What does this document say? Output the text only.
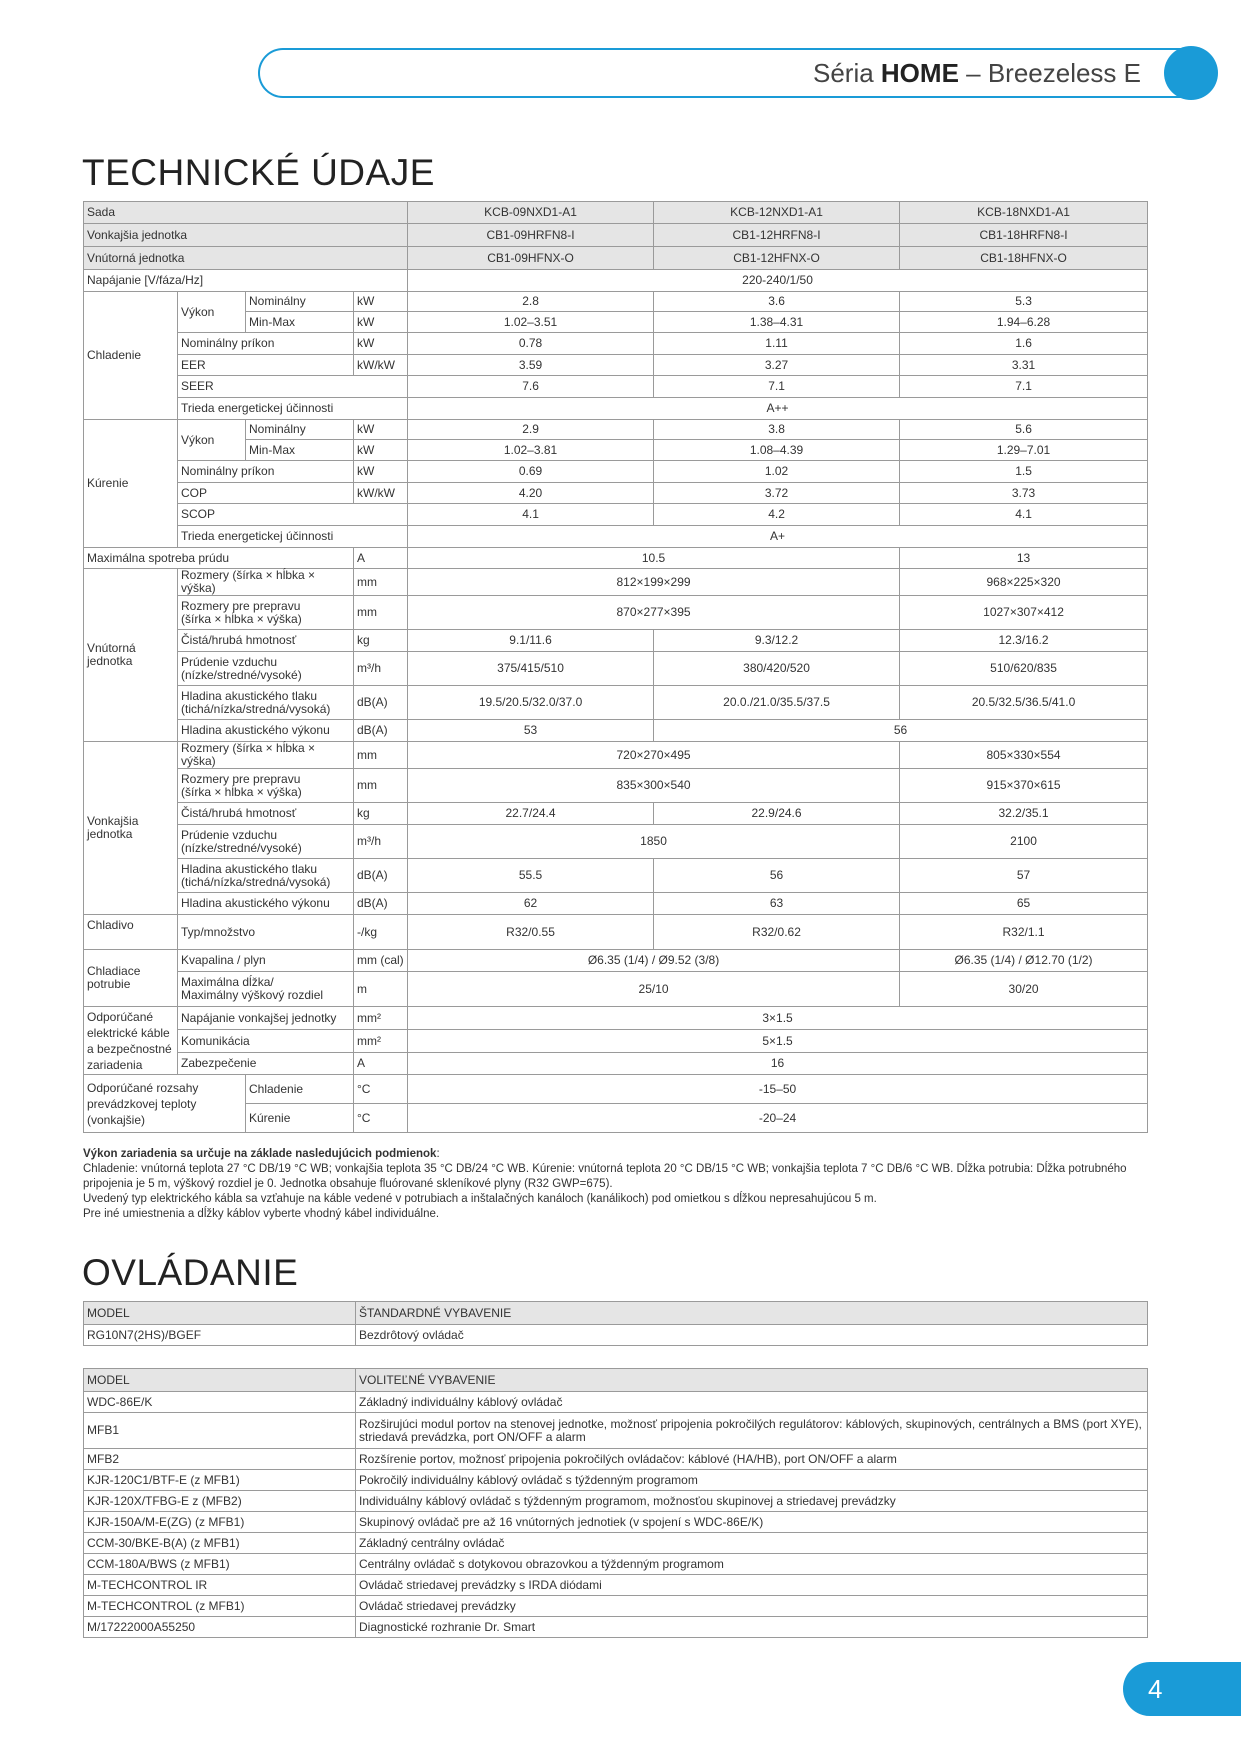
Séria HOME – Breezeless E
TECHNICKÉ ÚDAJE
Sada				KCB-09NXD1-A1	KCB-12NXD1-A1	KCB-18NXD1-A1
Vonkajšia jednotka				CB1-09HRFN8-I	CB1-12HRFN8-I	CB1-18HRFN8-I
Vnútorná jednotka				CB1-09HFNX-O	CB1-12HFNX-O	CB1-18HFNX-O
Napájanie [V/fáza/Hz]				220-240/1/50		
Chladenie	Výkon	Nominálny	kW	2.8	3.6	5.3
		Min-Max	kW	1.02–3.51	1.38–4.31	1.94–6.28
	Nominálny príkon		kW	0.78	1.11	1.6
	EER		kW/kW	3.59	3.27	3.31
	SEER			7.6	7.1	7.1
	Trieda energetickej účinnosti			A++		

Kúrenie	Výkon	Nominálny	kW	2.9	3.8	5.6
		Min-Max	kW	1.02–3.81	1.08–4.39	1.29–7.01
	Nominálny príkon		kW	0.69	1.02	1.5
	COP		kW/kW	4.20	3.72	3.73
	SCOP			4.1	4.2	4.1
	Trieda energetickej účinnosti			A+		
Maximálna spotreba prúdu			A	10.5		13
Vnútorná
jednotka	Rozmery (šírka × hĺbka × výška)		mm	812×199×299		968×225×320
	Rozmery pre prepravu
(šírka × hĺbka × výška)		mm	870×277×395		1027×307×412
	Čistá/hrubá hmotnosť		kg	9.1/11.6	9.3/12.2	12.3/16.2
	Prúdenie vzduchu
(nízke/stredné/vysoké)		m³/h	375/415/510	380/420/520	510/620/835
	Hladina akustického tlaku
(tichá/nízka/stredná/vysoká)		dB(A)	19.5/20.5/32.0/37.0	20.0./21.0/35.5/37.5	20.5/32.5/36.5/41.0
	Hladina akustického výkonu		dB(A)	53	56	

Vonkajšia
jednotka	Rozmery (šírka × hĺbka × výška)		mm	720×270×495		805×330×554
	Rozmery pre prepravu
(šírka × hĺbka × výška)		mm	835×300×540		915×370×615
	Čistá/hrubá hmotnosť		kg	22.7/24.4	22.9/24.6	32.2/35.1
	Prúdenie vzduchu
(nízke/stredné/vysoké)		m³/h	1850		2100
	Hladina akustického tlaku
(tichá/nízka/stredná/vysoká)		dB(A)	55.5	56	57
	Hladina akustického výkonu		dB(A)	62	63	65
Chladivo	Typ/množstvo		-/kg	R32/0.55	R32/0.62	R32/1.1
Chladiace potrubie	Kvapalina / plyn		mm (cal)	Ø6.35 (1/4) / Ø9.52 (3/8)		Ø6.35 (1/4) / Ø12.70 (1/2)
	Maximálna dĺžka/
Maximálny výškový rozdiel		m	25/10		30/20
Odporúčané
elektrické káble
a bezpečnostné
zariadenia	Napájanie vonkajšej jednotky		mm²	3×1.5		
	Komunikácia		mm²	5×1.5		
	Zabezpečenie		A	16		
Odporúčané rozsahy
prevádzkovej teploty
(vonkajšie)		Chladenie	°C	-15–50		
		Kúrenie	°C	-20–24		
Výkon zariadenia sa určuje na základe nasledujúcich podmienok:
Chladenie: vnútorná teplota 27 °C DB/19 °C WB; vonkajšia teplota 35 °C DB/24 °C WB. Kúrenie: vnútorná teplota 20 °C DB/15 °C WB; vonkajšia teplota 7 °C DB/6 °C WB. Dĺžka potrubia: Dĺžka potrubného pripojenia je 5 m, výškový rozdiel je 0. Jednotka obsahuje fluórované skleníkové plyny (R32 GWP=675).
Uvedený typ elektrického kábla sa vzťahuje na káble vedené v potrubiach a inštalačných kanáloch (kanálikoch) pod omietkou s dĺžkou nepresahujúcou 5 m.
Pre iné umiestnenia a dĺžky káblov vyberte vhodný kábel individuálne.
OVLÁDANIE
MODEL	ŠTANDARDNÉ VYBAVENIE
RG10N7(2HS)/BGEF	Bezdrôtový ovládač
MODEL	VOLITEĽNÉ VYBAVENIE
WDC-86E/K	Základný individuálny káblový ovládač
MFB1	Rozširujúci modul portov na stenovej jednotke, možnosť pripojenia pokročilých regulátorov: káblových, skupinových, centrálnych a BMS (port XYE), striedavá prevádzka, port ON/OFF a alarm
MFB2	Rozšírenie portov, možnosť pripojenia pokročilých ovládačov: káblové (HA/HB), port ON/OFF a alarm
KJR-120C1/BTF-E (z MFB1)	Pokročilý individuálny káblový ovládač s týždenným programom
KJR-120X/TFBG-E z (MFB2)	Individuálny káblový ovládač s týždenným programom, možnosťou skupinovej a striedavej prevádzky
KJR-150A/M-E(ZG) (z MFB1)	Skupinový ovládač pre až 16 vnútorných jednotiek (v spojení s WDC-86E/K)
CCM-30/BKE-B(A) (z MFB1)	Základný centrálny ovládač
CCM-180A/BWS (z MFB1)	Centrálny ovládač s dotykovou obrazovkou a týždenným programom
M-TECHCONTROL IR	Ovládač striedavej prevádzky s IRDA diódami
M-TECHCONTROL (z MFB1)	Ovládač striedavej prevádzky
M/17222000A55250	Diagnostické rozhranie Dr. Smart
4
